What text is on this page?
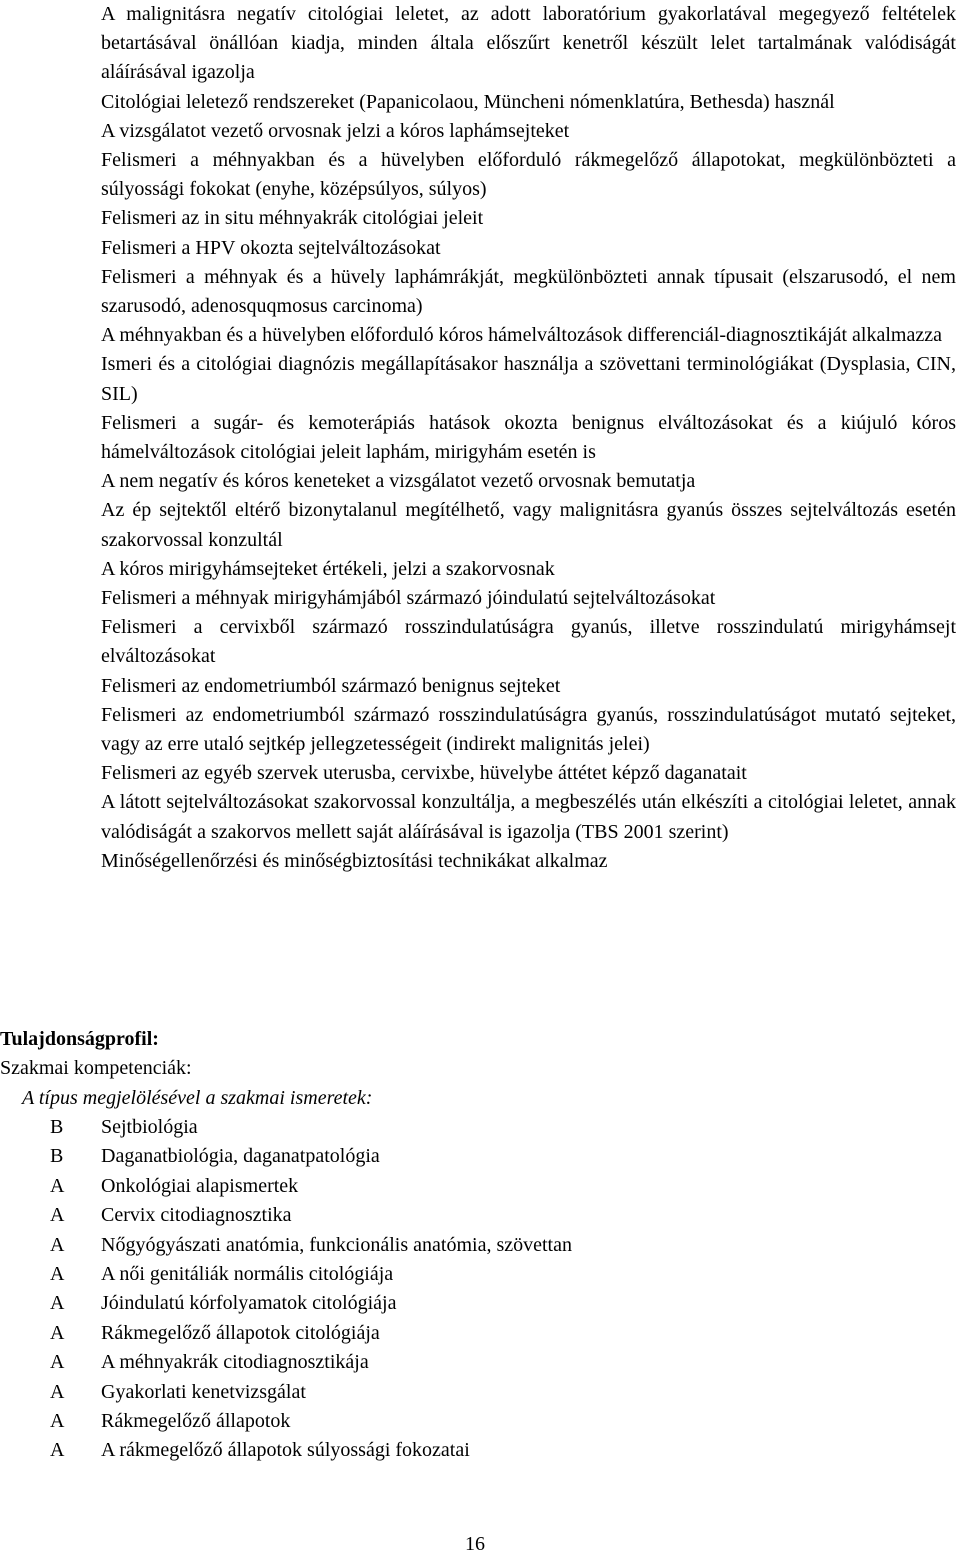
A malignitásra negatív citológiai leletet, az adott laboratórium gyakorlatával megegyező feltételek betartásával önállóan kiadja, minden általa előszűrt kenetről készült lelet tartalmának valódiságát aláírásával igazolja
Citológiai leletező rendszereket (Papanicolaou, Müncheni nómenklatúra, Bethesda) használ
A vizsgálatot vezető orvosnak jelzi a kóros laphámsejteket
Felismeri a méhnyakban és a hüvelyben előforduló rákmegelőző állapotokat, megkülönbözteti a súlyossági fokokat (enyhe, középsúlyos, súlyos)
Felismeri az in situ méhnyakrák citológiai jeleit
Felismeri a HPV okozta sejtelváltozásokat
Felismeri a méhnyak és a hüvely laphámrákját, megkülönbözteti annak típusait (elszarusodó, el nem szarusodó, adenosquqmosus carcinoma)
A méhnyakban és a hüvelyben előforduló kóros hámelváltozások differenciál-diagnosztikáját alkalmazza
Ismeri és a citológiai diagnózis megállapításakor használja a szövettani terminológiákat (Dysplasia, CIN, SIL)
Felismeri a sugár- és kemoterápiás hatások okozta benignus elváltozásokat és a kiújuló kóros hámelváltozások citológiai jeleit laphám, mirigyhám esetén is
A nem negatív és kóros keneteket a vizsgálatot vezető orvosnak bemutatja
Az ép sejtektől eltérő bizonytalanul megítélhető, vagy malignitásra gyanús összes sejtelváltozás esetén szakorvossal konzultál
A kóros mirigyhámsejteket értékeli, jelzi a szakorvosnak
Felismeri a méhnyak mirigyhámjából származó jóindulatú sejtelváltozásokat
Felismeri a cervixből származó rosszindulatúságra gyanús, illetve rosszindulatú mirigyhámsejt elváltozásokat
Felismeri az endometriumból származó benignus sejteket
Felismeri az endometriumból származó rosszindulatúságra gyanús, rosszindulatúságot mutató sejteket, vagy az erre utaló sejtkép jellegzetességeit (indirekt malignitás jelei)
Felismeri az egyéb szervek uterusba, cervixbe, hüvelybe áttétet képző daganatait
A látott sejtelváltozásokat szakorvossal konzultálja, a megbeszélés után elkészíti a citológiai leletet, annak valódiságát a szakorvos mellett saját aláírásával is igazolja (TBS 2001 szerint)
Minőségellenőrzési és minőségbiztosítási technikákat alkalmaz
Tulajdonságprofil:
Szakmai kompetenciák:
A típus megjelölésével a szakmai ismeretek:
B Sejtbiológia
B Daganatbiológia, daganatpatológia
A Onkológiai alapismertek
A Cervix citodiagnosztika
A Nőgyógyászati anatómia, funkcionális anatómia, szövettan
A A női genitáliák normális citológiája
A Jóindulatú kórfolyamatok citológiája
A Rákmegelőző állapotok citológiája
A A méhnyakrák citodiagnosztikája
A Gyakorlati kenetvizsgálat
A Rákmegelőző állapotok
A A rákmegelőző állapotok súlyossági fokozatai
16
